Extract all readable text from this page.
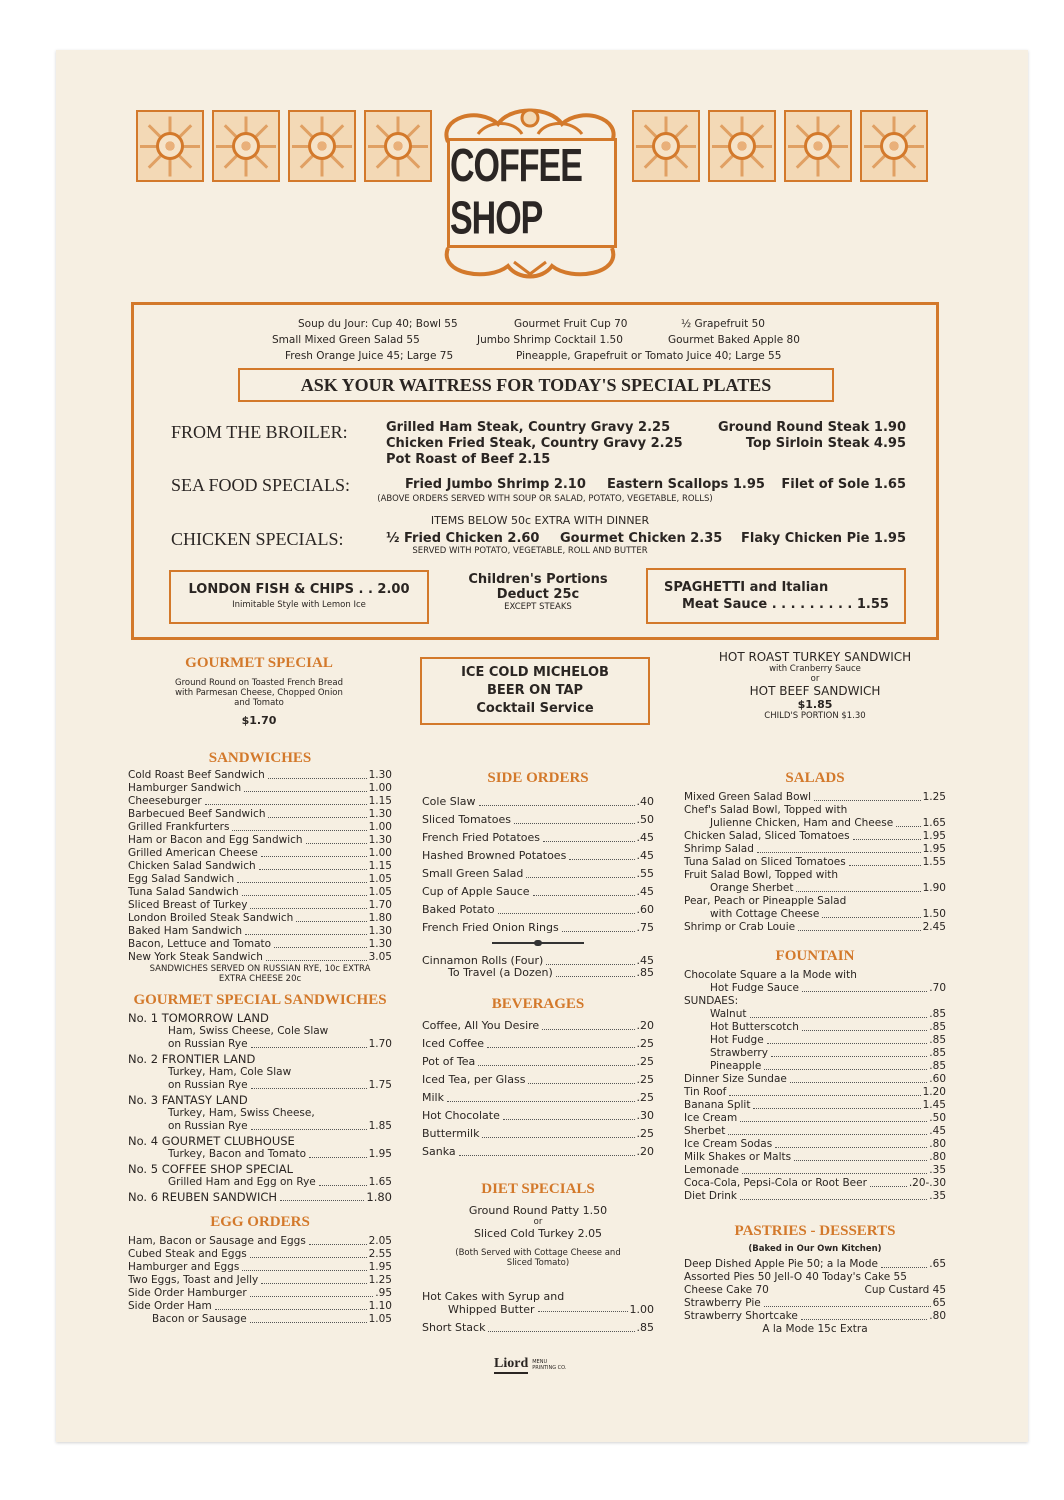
COFFEE SHOP
Soup du Jour: Cup 40; Bowl 55	Gourmet Fruit Cup 70	½ Grapefruit 50
Small Mixed Green Salad 55	Jumbo Shrimp Cocktail 1.50	Gourmet Baked Apple 80
Fresh Orange Juice 45; Large 75	Pineapple, Grapefruit or Tomato Juice 40; Large 55
ASK YOUR WAITRESS FOR TODAY'S SPECIAL PLATES
FROM THE BROILER:	Grilled Ham Steak, Country Gravy 2.25
Chicken Fried Steak, Country Gravy 2.25
Pot Roast of Beef 2.15
Ground Round Steak 1.90
Top Sirloin Steak 4.95
SEA FOOD SPECIALS:	Fried Jumbo Shrimp 2.10 Eastern Scallops 1.95 Filet of Sole 1.65
(ABOVE ORDERS SERVED WITH SOUP OR SALAD, POTATO, VEGETABLE, ROLLS)
ITEMS BELOW 50c EXTRA WITH DINNER
CHICKEN SPECIALS:	½ Fried Chicken 2.60 Gourmet Chicken 2.35 Flaky Chicken Pie 1.95
SERVED WITH POTATO, VEGETABLE, ROLL AND BUTTER
LONDON FISH & CHIPS . . 2.00
Inimitable Style with Lemon Ice
Children's Portions
Deduct 25c
EXCEPT STEAKS
SPAGHETTI and Italian
Meat Sauce . . . . . . . . . 1.55
GOURMET SPECIAL
Ground Round on Toasted French Bread
with Parmesan Cheese, Chopped Onion
and Tomato
$1.70
ICE COLD MICHELOB
BEER ON TAP
Cocktail Service
HOT ROAST TURKEY SANDWICH
with Cranberry Sauce
or
HOT BEEF SANDWICH
$1.85
CHILD'S PORTION $1.30
SANDWICHES
Cold Roast Beef Sandwich	1.30
Hamburger Sandwich	1.00
Cheeseburger	1.15
Barbecued Beef Sandwich	1.30
Grilled Frankfurters	1.00
Ham or Bacon and Egg Sandwich	1.30
Grilled American Cheese	1.00
Chicken Salad Sandwich	1.15
Egg Salad Sandwich	1.05
Tuna Salad Sandwich	1.05
Sliced Breast of Turkey	1.70
London Broiled Steak Sandwich	1.80
Baked Ham Sandwich	1.30
Bacon, Lettuce and Tomato	1.30
New York Steak Sandwich	3.05
SANDWICHES SERVED ON RUSSIAN RYE, 10c EXTRA
EXTRA CHEESE 20c
GOURMET SPECIAL SANDWICHES
No. 1 TOMORROW LAND
Ham, Swiss Cheese, Cole Slaw
on Russian Rye	1.70
No. 2 FRONTIER LAND
Turkey, Ham, Cole Slaw
on Russian Rye	1.75
No. 3 FANTASY LAND
Turkey, Ham, Swiss Cheese,
on Russian Rye	1.85
No. 4 GOURMET CLUBHOUSE
Turkey, Bacon and Tomato	1.95
No. 5 COFFEE SHOP SPECIAL
Grilled Ham and Egg on Rye	1.65
No. 6 REUBEN SANDWICH	1.80
EGG ORDERS
Ham, Bacon or Sausage and Eggs	2.05
Cubed Steak and Eggs	2.55
Hamburger and Eggs	1.95
Two Eggs, Toast and Jelly	1.25
Side Order Hamburger	.95
Side Order Ham	1.10
Bacon or Sausage	1.05
SIDE ORDERS
Cole Slaw	.40
Sliced Tomatoes	.50
French Fried Potatoes	.45
Hashed Browned Potatoes	.45
Small Green Salad	.55
Cup of Apple Sauce	.45
Baked Potato	.60
French Fried Onion Rings	.75
Cinnamon Rolls (Four)	.45
To Travel (a Dozen)	.85
BEVERAGES
Coffee, All You Desire	.20
Iced Coffee	.25
Pot of Tea	.25
Iced Tea, per Glass	.25
Milk	.25
Hot Chocolate	.30
Buttermilk	.25
Sanka	.20
DIET SPECIALS
Ground Round Patty 1.50
or
Sliced Cold Turkey 2.05
(Both Served with Cottage Cheese and
Sliced Tomato)
Hot Cakes with Syrup and
Whipped Butter	1.00
Short Stack	.85
SALADS
Mixed Green Salad Bowl	1.25
Chef's Salad Bowl, Topped with
Julienne Chicken, Ham and Cheese	1.65
Chicken Salad, Sliced Tomatoes	1.95
Shrimp Salad	1.95
Tuna Salad on Sliced Tomatoes	1.55
Fruit Salad Bowl, Topped with
Orange Sherbet	1.90
Pear, Peach or Pineapple Salad
with Cottage Cheese	1.50
Shrimp or Crab Louie	2.45
FOUNTAIN
Chocolate Square a la Mode with
Hot Fudge Sauce	.70
SUNDAES:
Walnut	.85
Hot Butterscotch	.85
Hot Fudge	.85
Strawberry	.85
Pineapple	.85
Dinner Size Sundae	.60
Tin Roof	1.20
Banana Split	1.45
Ice Cream	.50
Sherbet	.45
Ice Cream Sodas	.80
Milk Shakes or Malts	.80
Lemonade	.35
Coca-Cola, Pepsi-Cola or Root Beer	.20-.30
Diet Drink	.35
PASTRIES - DESSERTS
(Baked in Our Own Kitchen)
Deep Dished Apple Pie 50; a la Mode	.65
Assorted Pies 50 Jell-O 40 Today's Cake 55
Cheese Cake 70	Cup Custard 45
Strawberry Pie	65
Strawberry Shortcake	.80
A la Mode 15c Extra
Liord MENU
PRINTING CO.
